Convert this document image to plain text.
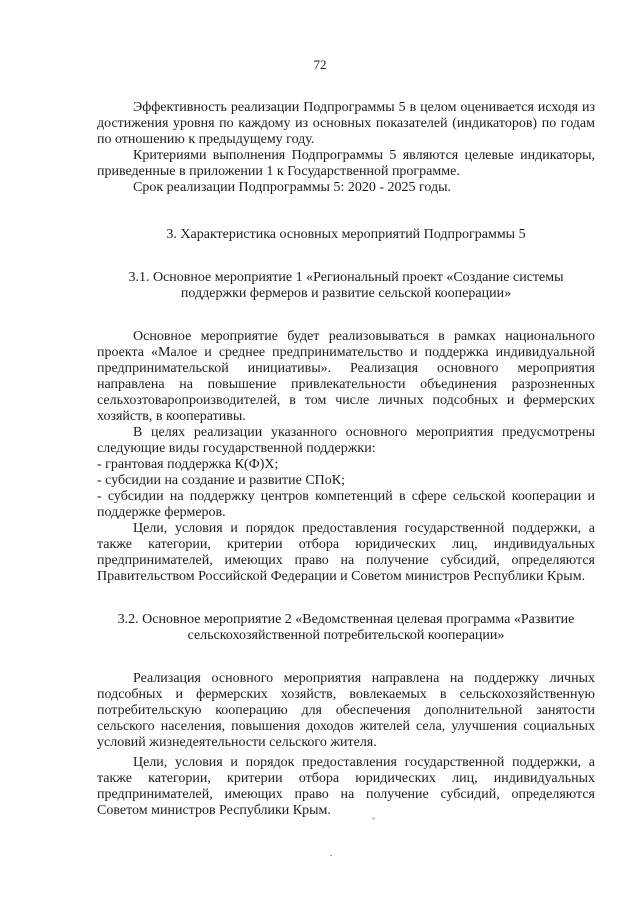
72

Эффективность реализации Подпрограммы 5 в целом оценивается исходя из достижения уровня по каждому из основных показателей (индикаторов) по годам по отношению к предыдущему году.

Критериями выполнения Подпрограммы 5 являются целевые индикаторы, приведенные в приложении 1 к Государственной программе.

Срок реализации Подпрограммы 5: 2020 - 2025 годы.

3. Характеристика основных мероприятий Подпрограммы 5
3.1. Основное мероприятие 1 «Региональный проект «Создание системы
поддержки фермеров и развитие сельской кооперации»

Основное мероприятие будет реализовываться в рамках национального проекта «Малое и среднее предпринимательство и поддержка индивидуальной предпринимательской инициативы». Реализация основного мероприятия направлена на повышение привлекательности объединения разрозненных сельхозтоваропроизводителей, в том числе личных подсобных и фермерских хозяйств, в кооперативы.

В целях реализации указанного основного мероприятия предусмотрены следующие виды государственной поддержки:

- грантовая поддержка К(Ф)Х;

- субсидии на создание и развитие СПоК;

- субсидии на поддержку центров компетенций в сфере сельской кооперации и поддержке фермеров.

Цели, условия и порядок предоставления государственной поддержки, а также категории, критерии отбора юридических лиц, индивидуальных предпринимателей, имеющих право на получение субсидий, определяются Правительством Российской Федерации и Советом министров Республики Крым.

3.2. Основное мероприятие 2 «Ведомственная целевая программа «Развитие
сельскохозяйственной потребительской кооперации»

Реализация основного мероприятия направлена на поддержку личных подсобных и фермерских хозяйств, вовлекаемых в сельскохозяйственную потребительскую кооперацию для обеспечения дополнительной занятости сельского населения, повышения доходов жителей села, улучшения социальных условий жизнедеятельности сельского жителя.

Цели, условия и порядок предоставления государственной поддержки, а также категории, критерии отбора юридических лиц, индивидуальных предпринимателей, имеющих право на получение субсидий, определяются Советом министров Республики Крым.
